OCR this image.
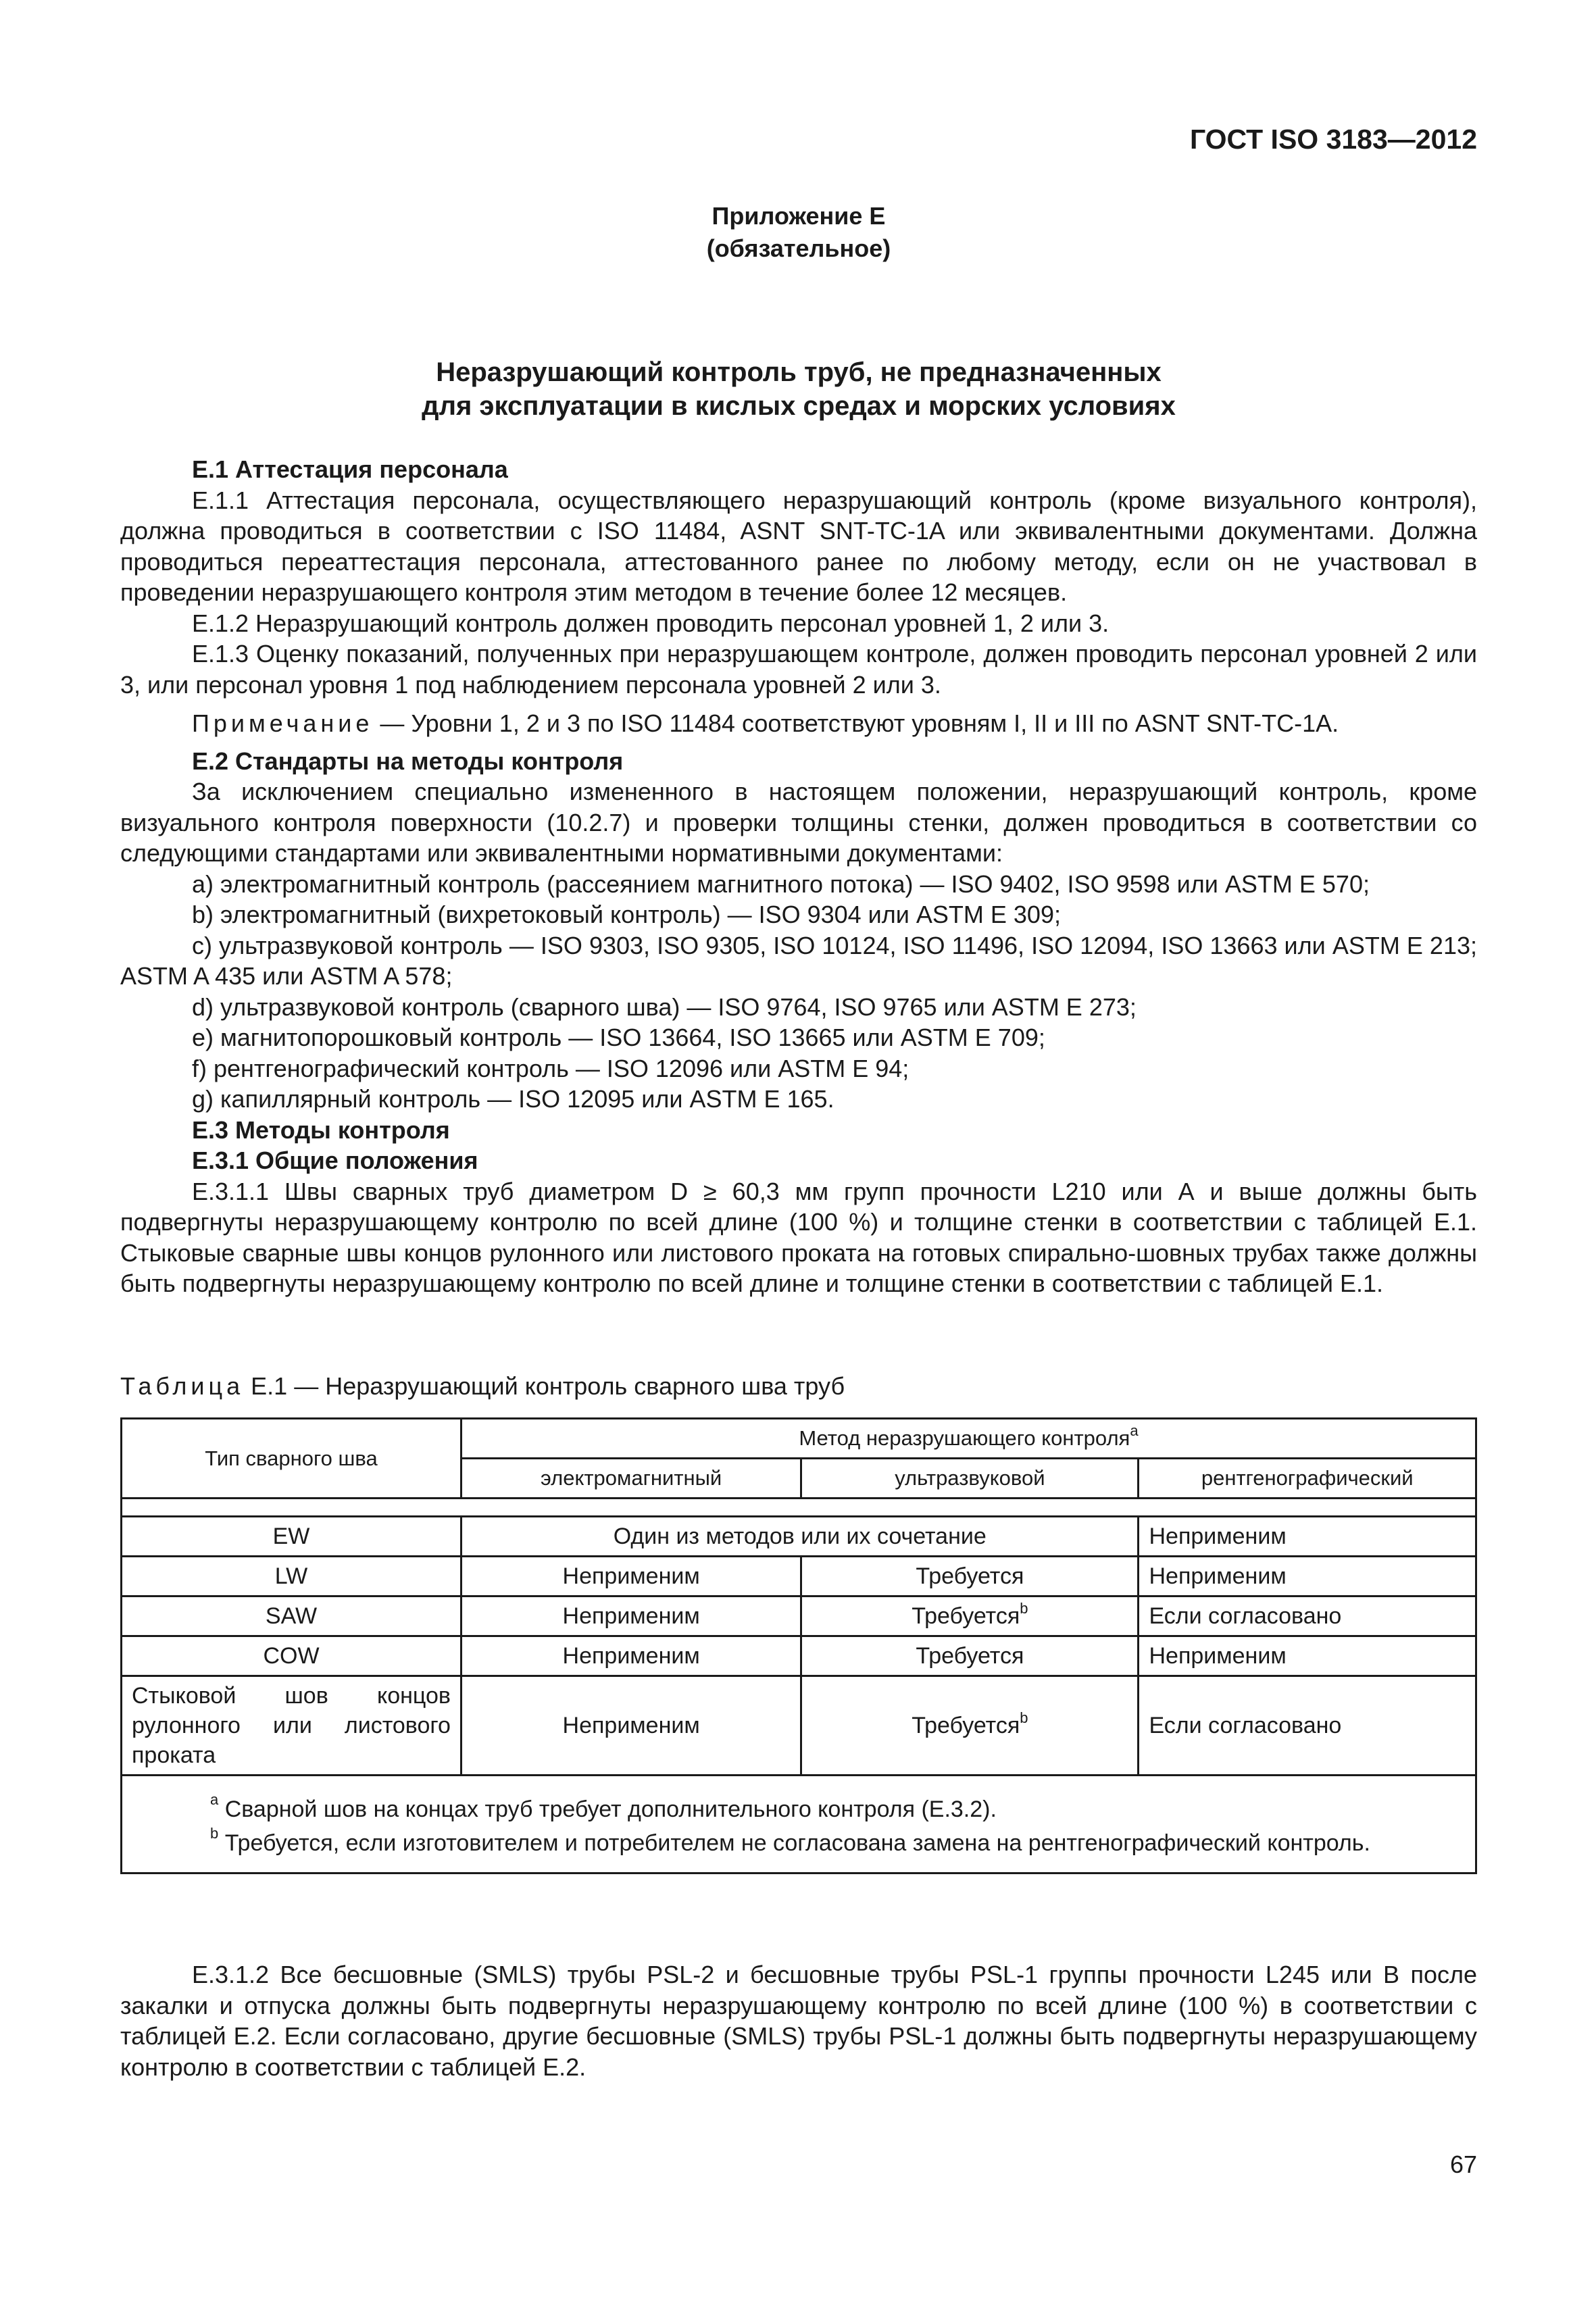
ГОСТ ISO 3183—2012
Приложение Е
(обязательное)
Неразрушающий контроль труб, не предназначенных
для эксплуатации в кислых средах и морских условиях

Е.1 Аттестация персонала

Е.1.1 Аттестация персонала, осуществляющего неразрушающий контроль (кроме визуального контроля), должна проводиться в соответствии с ISO 11484, ASNT SNT-TC-1A или эквивалентными документами. Должна проводиться переаттестация персонала, аттестованного ранее по любому методу, если он не участвовал в проведении неразрушающего контроля этим методом в течение более 12 месяцев.

Е.1.2 Неразрушающий контроль должен проводить персонал уровней 1, 2 или 3.

Е.1.3 Оценку показаний, полученных при неразрушающем контроле, должен проводить персонал уровней 2 или 3, или персонал уровня 1 под наблюдением персонала уровней 2 или 3.

Примечание — Уровни 1, 2 и 3 по ISO 11484 соответствуют уровням I, II и III по ASNT SNT-TC-1A.

Е.2 Стандарты на методы контроля

За исключением специально измененного в настоящем положении, неразрушающий контроль, кроме визуального контроля поверхности (10.2.7) и проверки толщины стенки, должен проводиться в соответствии со следующими стандартами или эквивалентными нормативными документами:

a) электромагнитный контроль (рассеянием магнитного потока) — ISO 9402, ISO 9598 или ASTM E 570;

b) электромагнитный (вихретоковый контроль) — ISO 9304 или ASTM E 309;

c) ультразвуковой контроль — ISO 9303, ISO 9305, ISO 10124, ISO 11496, ISO 12094, ISO 13663 или ASTM E 213; ASTM A 435 или ASTM A 578;

d) ультразвуковой контроль (сварного шва) — ISO 9764, ISO 9765 или ASTM E 273;

e) магнитопорошковый контроль — ISO 13664, ISO 13665 или ASTM E 709;

f) рентгенографический контроль — ISO 12096 или ASTM E 94;

g) капиллярный контроль — ISO 12095 или ASTM E 165.

Е.3 Методы контроля

Е.3.1 Общие положения

Е.3.1.1 Швы сварных труб диаметром D ≥ 60,3 мм групп прочности L210 или А и выше должны быть подвергнуты неразрушающему контролю по всей длине (100 %) и толщине стенки в соответствии с таблицей Е.1. Стыковые сварные швы концов рулонного или листового проката на готовых спирально-шовных трубах также должны быть подвергнуты неразрушающему контролю по всей длине и толщине стенки в соответствии с таблицей Е.1.

Таблица Е.1 — Неразрушающий контроль сварного шва труб
Тип сварного шва	Метод неразрушающего контроля$^a$
	электромагнитный	ультразвуковой	рентгенографический

EW	Один из методов или их сочетание		Неприменим
LW	Неприменим	Требуется	Неприменим
SAW	Неприменим	Требуется$^b$	Если согласовано
COW	Неприменим	Требуется	Неприменим
Стыковой шов концов рулонного или листового проката	Неприменим	Требуется$^b$	Если согласовано

$^a$ Сварной шов на концах труб требует дополнительного контроля (Е.3.2).
$^b$ Требуется, если изготовителем и потребителем не согласована замена на рентгенографический контроль.			

Е.3.1.2 Все бесшовные (SMLS) трубы PSL-2 и бесшовные трубы PSL-1 группы прочности L245 или В после закалки и отпуска должны быть подвергнуты неразрушающему контролю по всей длине (100 %) в соответствии с таблицей Е.2. Если согласовано, другие бесшовные (SMLS) трубы PSL-1 должны быть подвергнуты неразрушающему контролю в соответствии с таблицей Е.2.

67
